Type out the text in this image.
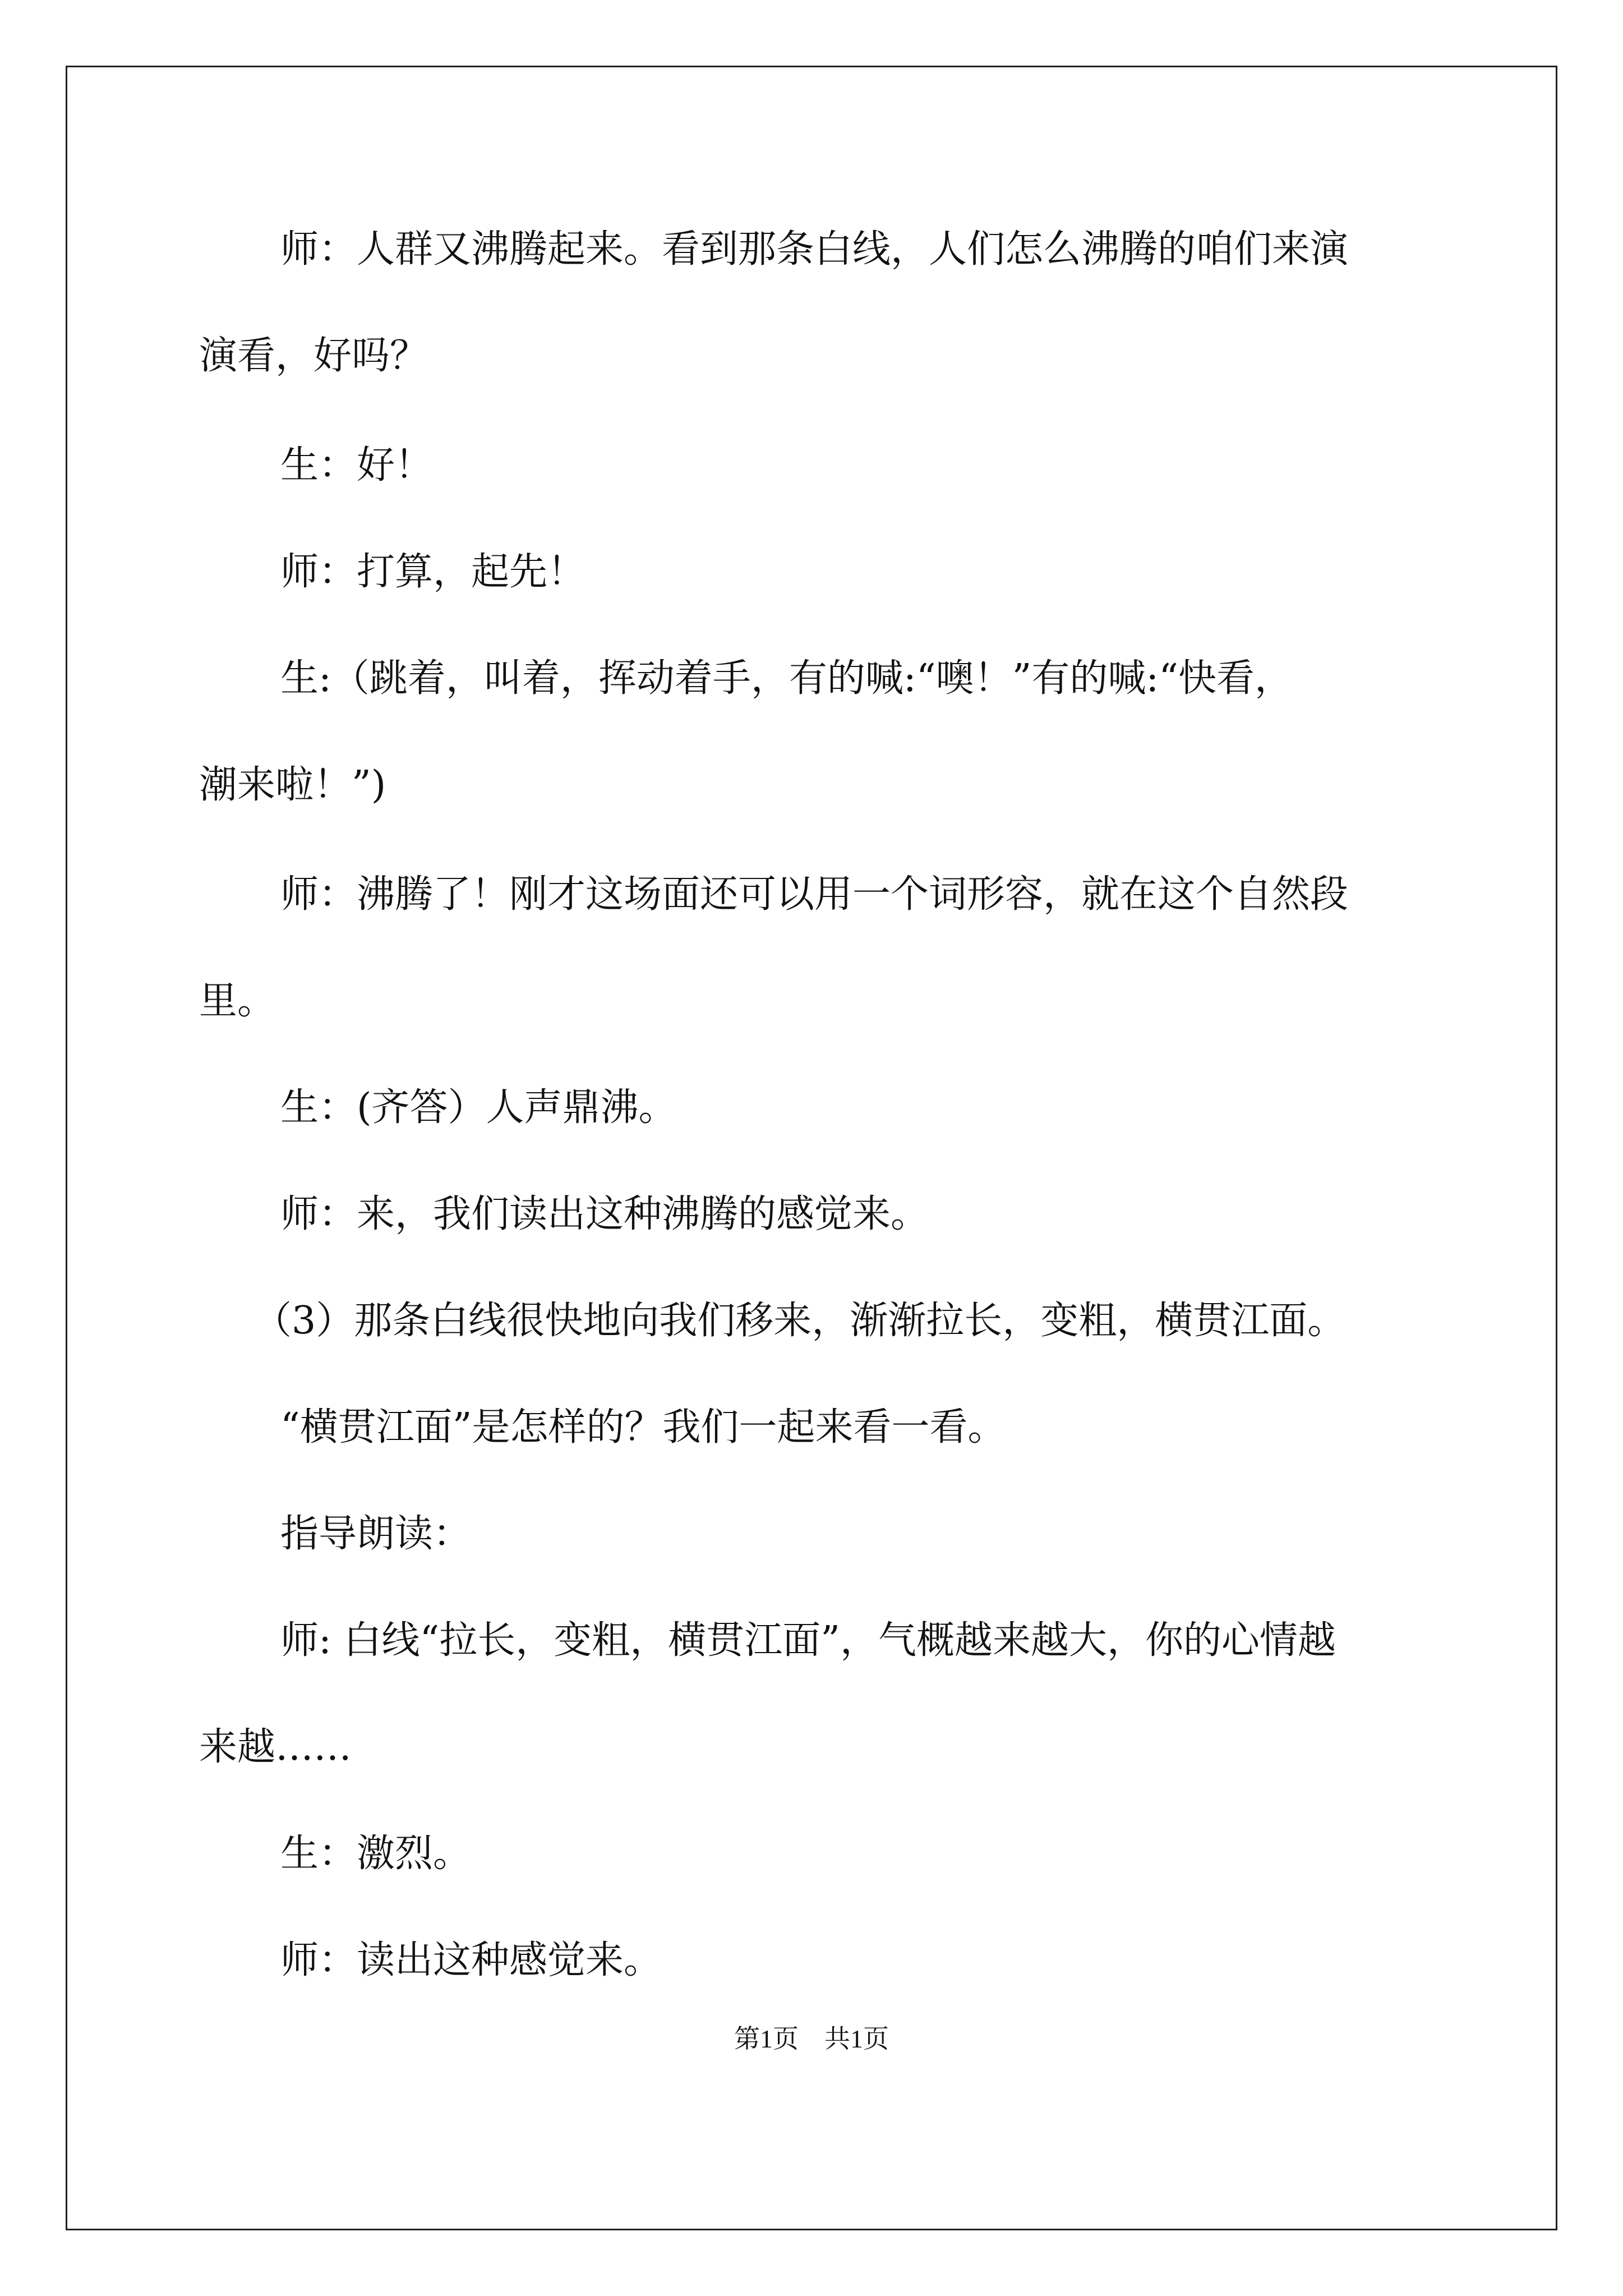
师：人群又沸腾起来。看到那条白线，人们怎么沸腾的咱们来演

演看，好吗？

生：好！

师：打算，起先！

生:（跳着，叫着，挥动着手，有的喊:“噢！”有的喊:“快看，

潮来啦！”)

师：沸腾了！刚才这场面还可以用一个词形容，就在这个自然段

里。

生：(齐答）人声鼎沸。

师：来，我们读出这种沸腾的感觉来。

（3）那条白线很快地向我们移来，渐渐拉长，变粗，横贯江面。

“横贯江面”是怎样的？我们一起来看一看。

指导朗读：

师: 白线“拉长，变粗，横贯江面”，气概越来越大，你的心情越

来越……

生：激烈。

师：读出这种感觉来。

第1页　共1页
